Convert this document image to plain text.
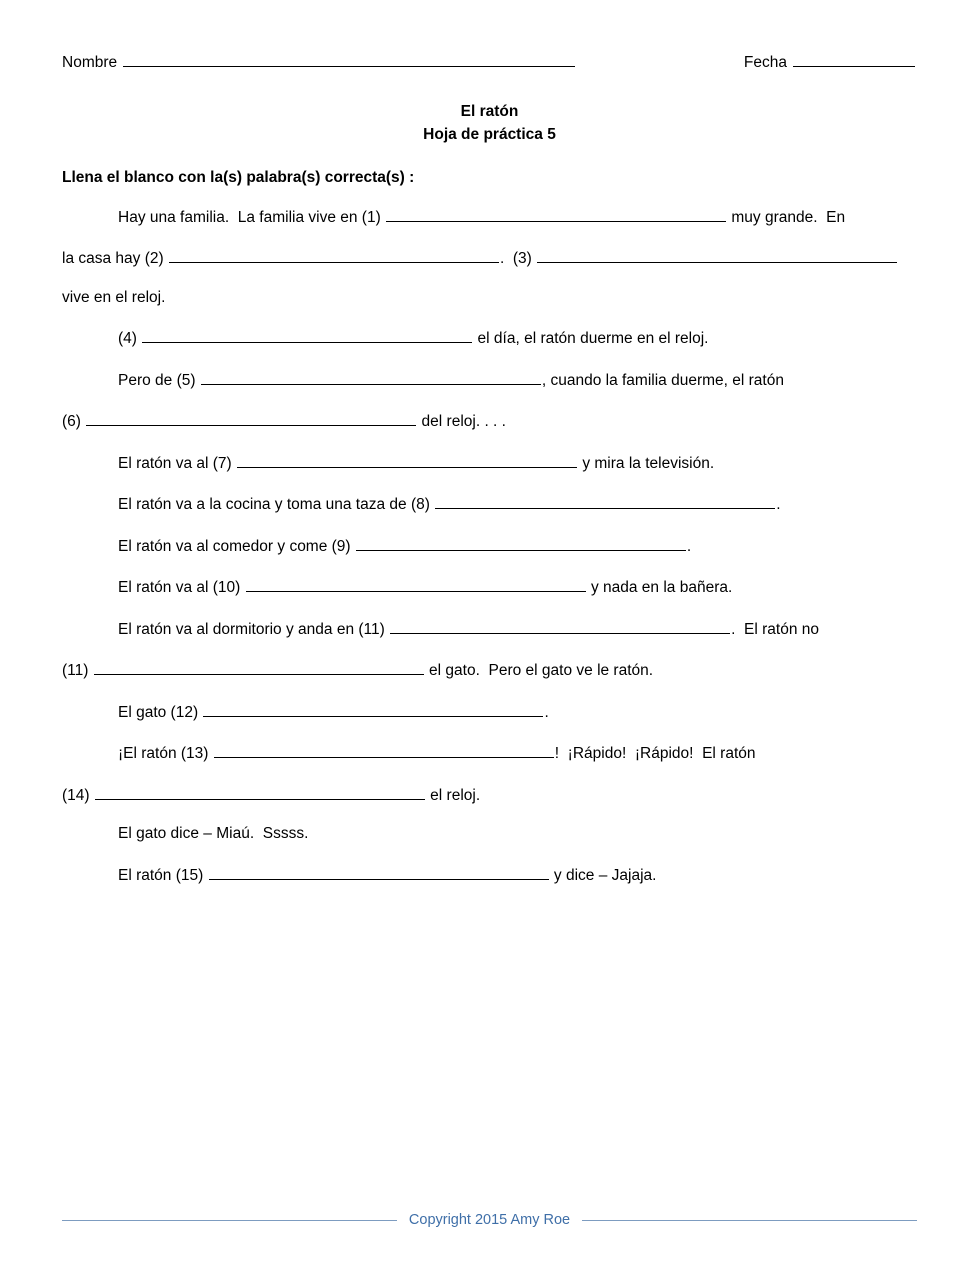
Nombre	Fecha
El ratón
Hoja de práctica 5
Llena el blanco con la(s) palabra(s) correcta(s) :
Hay una familia.  La familia vive en (1)	muy grande.  En
la casa hay (2)	.  (3)
vive en el reloj.
(4)	el día, el ratón duerme en el reloj.
Pero de (5)	, cuando la familia duerme, el ratón
(6)	del reloj. . . .
El ratón va al (7)	y mira la televisión.
El ratón va a la cocina y toma una taza de (8)	.
El ratón va al comedor y come (9)	.
El ratón va al (10)	y nada en la bañera.
El ratón va al dormitorio y anda en (11)	.  El ratón no
(11)	el gato.  Pero el gato ve le ratón.
El gato (12)	.
¡El ratón (13)	!  ¡Rápido!  ¡Rápido!  El ratón
(14)	el reloj.
El gato dice – Miaú.  Sssss.
El ratón (15)	y dice – Jajaja.
Copyright 2015 Amy Roe
